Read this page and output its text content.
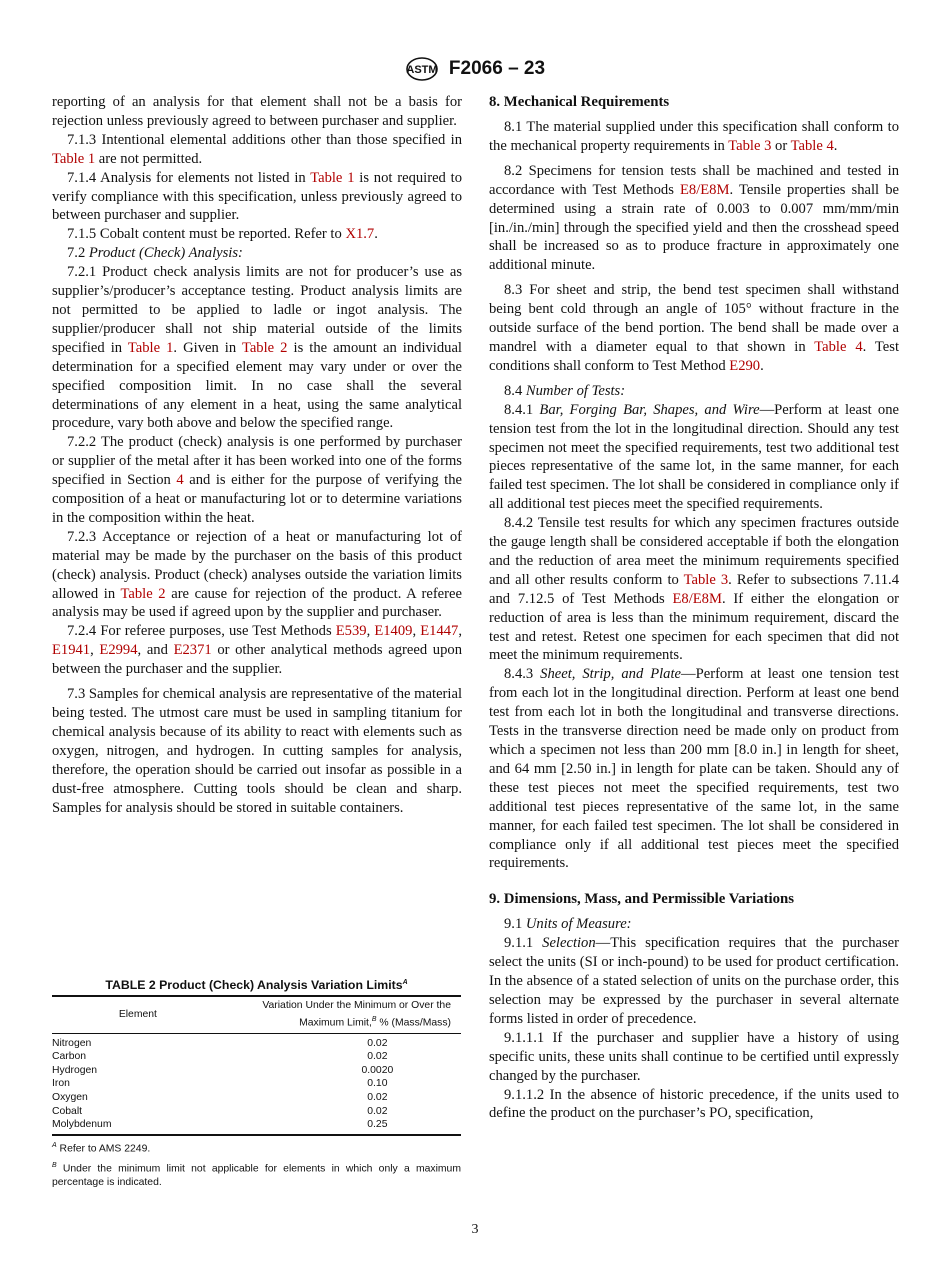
ASTM F2066 – 23

reporting of an analysis for that element shall not be a basis for rejection unless previously agreed to between purchaser and supplier.

7.1.3 Intentional elemental additions other than those specified in Table 1 are not permitted.

7.1.4 Analysis for elements not listed in Table 1 is not required to verify compliance with this specification, unless previously agreed to between purchaser and supplier.

7.1.5 Cobalt content must be reported. Refer to X1.7.

7.2 Product (Check) Analysis:

7.2.1 Product check analysis limits are not for producer’s use as supplier’s/producer’s acceptance testing. Product analysis limits are not permitted to be applied to ladle or ingot analysis. The supplier/producer shall not ship material outside of the limits specified in Table 1. Given in Table 2 is the amount an individual determination for a specified element may vary under or over the specified composition limit. In no case shall the several determinations of any element in a heat, using the same analytical procedure, vary both above and below the specified range.

7.2.2 The product (check) analysis is one performed by purchaser or supplier of the metal after it has been worked into one of the forms specified in Section 4 and is either for the purpose of verifying the composition of a heat or manufacturing lot or to determine variations in the composition within the heat.

7.2.3 Acceptance or rejection of a heat or manufacturing lot of material may be made by the purchaser on the basis of this product (check) analysis. Product (check) analyses outside the variation limits allowed in Table 2 are cause for rejection of the product. A referee analysis may be used if agreed upon by the supplier and purchaser.

7.2.4 For referee purposes, use Test Methods E539, E1409, E1447, E1941, E2994, and E2371 or other analytical methods agreed upon between the purchaser and the supplier.

7.3 Samples for chemical analysis are representative of the material being tested. The utmost care must be used in sampling titanium for chemical analysis because of its ability to react with elements such as oxygen, nitrogen, and hydrogen. In cutting samples for analysis, therefore, the operation should be carried out insofar as possible in a dust-free atmosphere. Cutting tools should be clean and sharp. Samples for analysis should be stored in suitable containers.

8. Mechanical Requirements

8.1 The material supplied under this specification shall conform to the mechanical property requirements in Table 3 or Table 4.

8.2 Specimens for tension tests shall be machined and tested in accordance with Test Methods E8/E8M. Tensile properties shall be determined using a strain rate of 0.003 to 0.007 mm/mm/min [in./in./min] through the specified yield and then the crosshead speed shall be increased so as to produce fracture in approximately one additional minute.

8.3 For sheet and strip, the bend test specimen shall withstand being bent cold through an angle of 105° without fracture in the outside surface of the bend portion. The bend shall be made over a mandrel with a diameter equal to that shown in Table 4. Test conditions shall conform to Test Method E290.

8.4 Number of Tests:

8.4.1 Bar, Forging Bar, Shapes, and Wire—Perform at least one tension test from the lot in the longitudinal direction. Should any test specimen not meet the specified requirements, test two additional test pieces representative of the same lot, in the same manner, for each failed test specimen. The lot shall be considered in compliance only if all additional test pieces meet the specified requirements.

8.4.2 Tensile test results for which any specimen fractures outside the gauge length shall be considered acceptable if both the elongation and the reduction of area meet the minimum requirements specified and all other results conform to Table 3. Refer to subsections 7.11.4 and 7.12.5 of Test Methods E8/E8M. If either the elongation or reduction of area is less than the minimum requirement, discard the test and retest. Retest one specimen for each specimen that did not meet the minimum requirements.

8.4.3 Sheet, Strip, and Plate—Perform at least one tension test from each lot in the longitudinal direction. Perform at least one bend test from each lot in both the longitudinal and transverse directions. Tests in the transverse direction need be made only on product from which a specimen not less than 200 mm [8.0 in.] in length for sheet, and 64 mm [2.50 in.] in length for plate can be taken. Should any of these test pieces not meet the specified requirements, test two additional test pieces representative of the same lot, in the same manner, for each failed test specimen. The lot shall be considered in compliance only if all additional test pieces meet the specified requirements.

9. Dimensions, Mass, and Permissible Variations

9.1 Units of Measure:

9.1.1 Selection—This specification requires that the purchaser select the units (SI or inch-pound) to be used for product certification. In the absence of a stated selection of units on the purchase order, this selection may be expressed by the purchaser in several alternate forms listed in order of precedence.

9.1.1.1 If the purchaser and supplier have a history of using specific units, these units shall continue to be certified until expressly changed by the purchaser.

9.1.1.2 In the absence of historic precedence, if the units used to define the product on the purchaser’s PO, specification,

TABLE 2 Product (Check) Analysis Variation Limits$^A$
Element	Variation Under the Minimum or Over the
Maximum Limit,$^B$ % (Mass/Mass)
Nitrogen	0.02
Carbon	0.02
Hydrogen	0.0020
Iron	0.10
Oxygen	0.02
Cobalt	0.02
Molybdenum	0.25
$^A$ Refer to AMS 2249.
$^B$ Under the minimum limit not applicable for elements in which only a maximum percentage is indicated.
3
